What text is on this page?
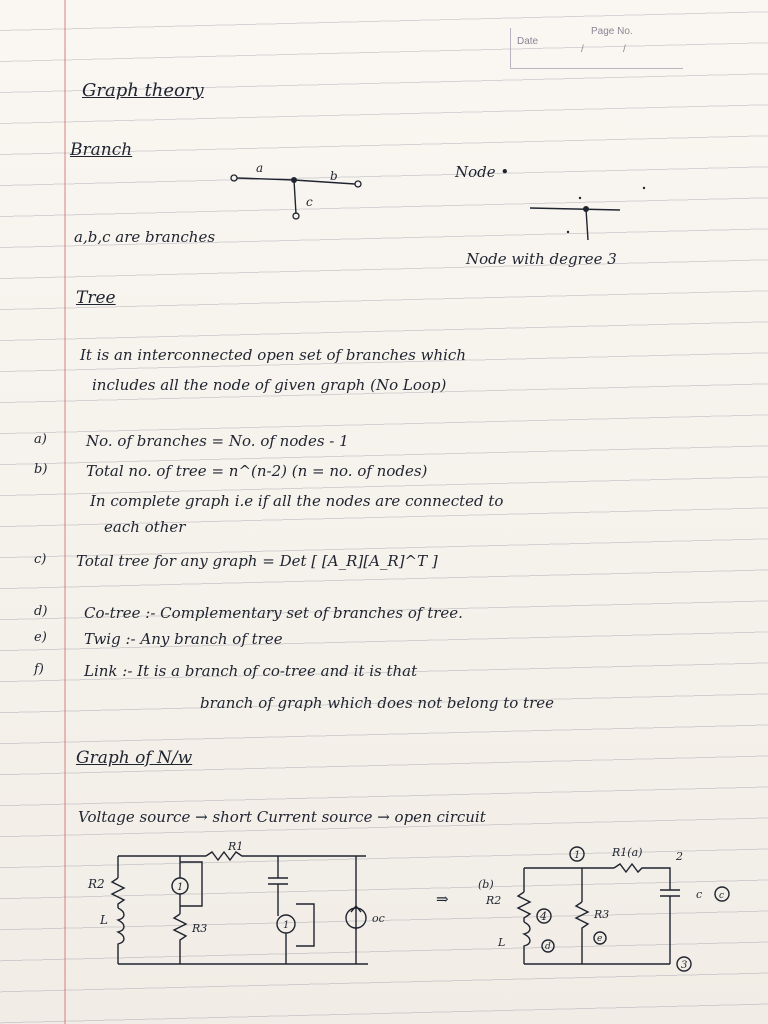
Date
Page No.
/	/
Graph theory
Branch
a
b
c
a,b,c are branches
Node •
Node with degree 3
Tree
It is an interconnected open set of branches which
includes all the node of given graph (No Loop)
a)	No. of branches = No. of nodes - 1
b)	Total no. of tree = n^(n-2) (n = no. of nodes)
In complete graph i.e if all the nodes are connected to
each other
c) Total tree for any graph = Det [ [A_R][A_R]^T ]
d) Co-tree :- Complementary set of branches of tree.
e) Twig :- Any branch of tree
f)	Link :- It is a branch of co-tree and it is that
branch of graph which does not belong to tree
Graph of N/w
Voltage source → short Current source → open circuit
R1
R2
L
R3
1
1
oc
⇒
1	2
3
R1(a)
(b)
R2
L
4
d
R3
e
c c
